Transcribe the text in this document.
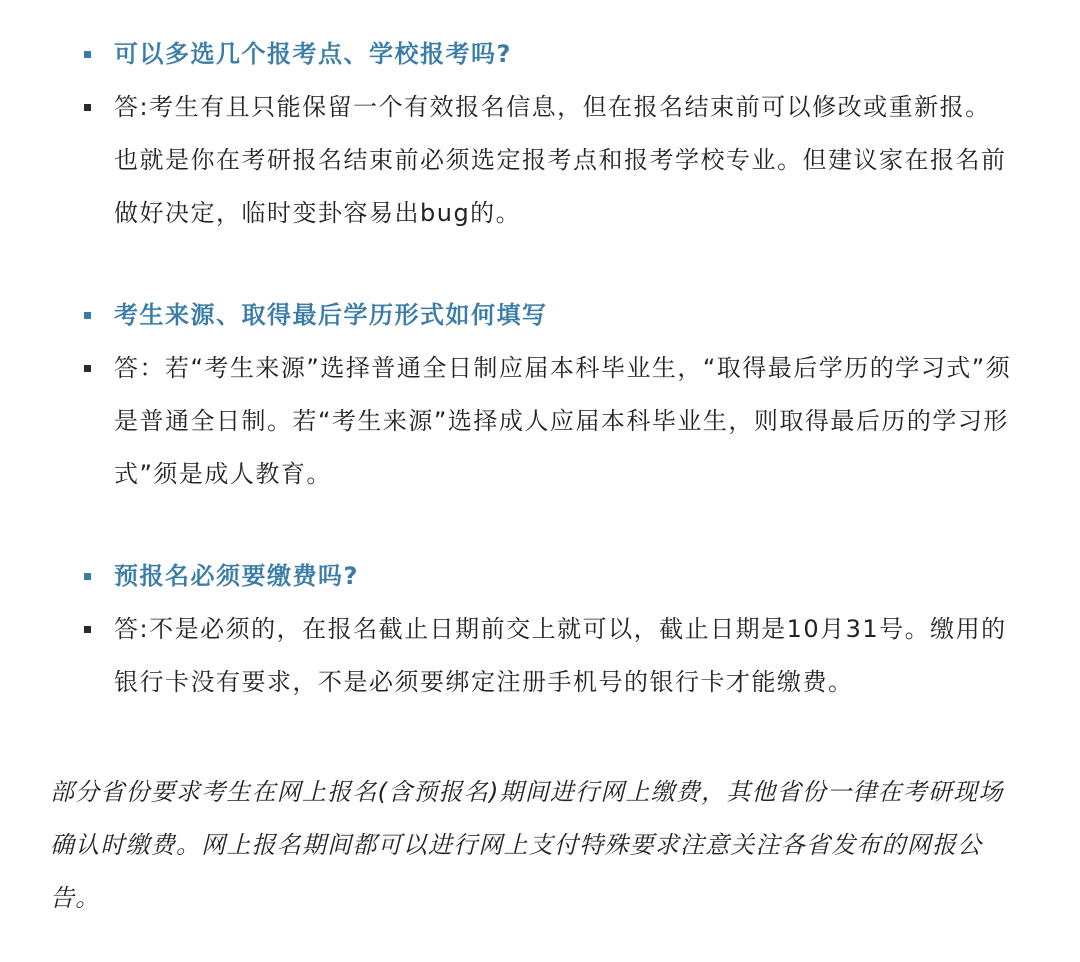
可以多选几个报考点、学校报考吗?
答:考生有且只能保留一个有效报名信息，但在报名结束前可以修改或重新报。也就是你在考研报名结束前必须选定报考点和报考学校专业。但建议家在报名前做好决定，临时变卦容易出bug的。
考生来源、取得最后学历形式如何填写
答：若“考生来源”选择普通全日制应届本科毕业生，“取得最后学历的学习式”须是普通全日制。若“考生来源”选择成人应届本科毕业生，则取得最后历的学习形式”须是成人教育。
预报名必须要缴费吗?
答:不是必须的，在报名截止日期前交上就可以，截止日期是10月31号。缴用的银行卡没有要求，不是必须要绑定注册手机号的银行卡才能缴费。

部分省份要求考生在网上报名(含预报名)期间进行网上缴费，其他省份一律在考研现场确认时缴费。网上报名期间都可以进行网上支付特殊要求注意关注各省发布的网报公告。
